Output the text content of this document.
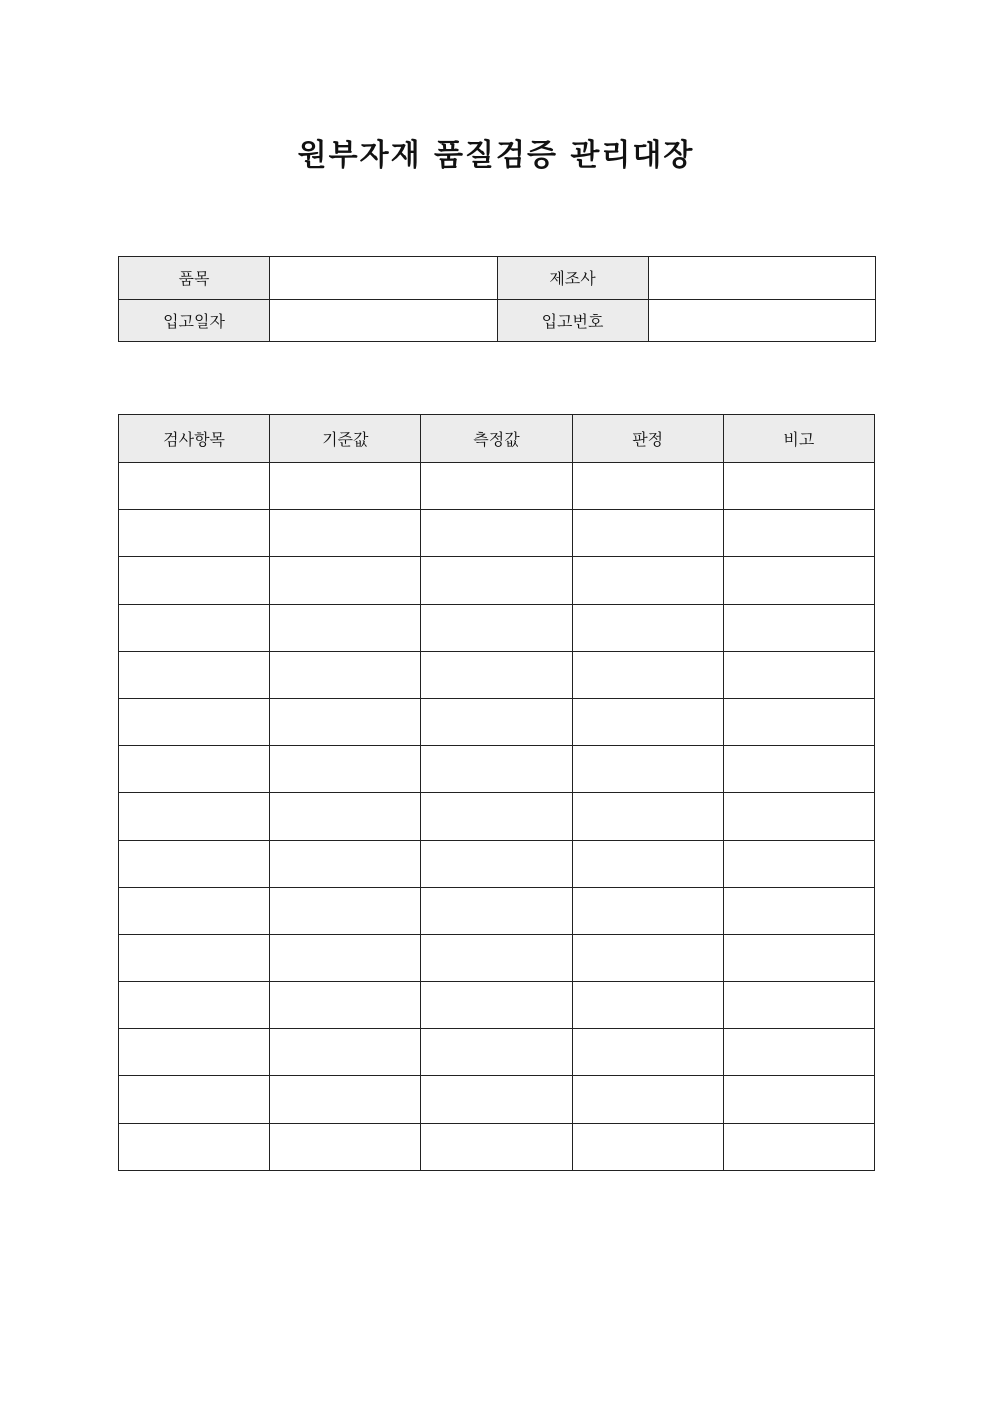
원부자재 품질검증 관리대장
품목		제조사	
입고일자		입고번호	
검사항목	기준값	측정값	판정	비고
